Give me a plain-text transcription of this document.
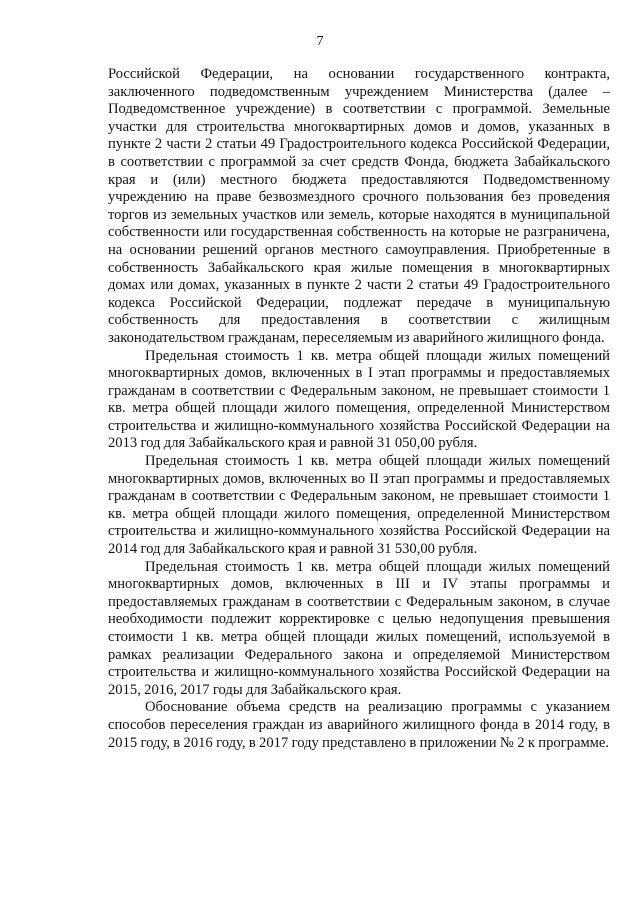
7

Российской Федерации, на основании государственного контракта, заключенного подведомственным учреждением Министерства (далее – Подведомственное учреждение) в соответствии с программой. Земельные участки для строительства многоквартирных домов и домов, указанных в пункте 2 части 2 статьи 49 Градостроительного кодекса Российской Федерации, в соответствии с программой за счет средств Фонда, бюджета Забайкальского края и (или) местного бюджета предоставляются Подведомственному учреждению на праве безвозмездного срочного пользования без проведения торгов из земельных участков или земель, которые находятся в муниципальной собственности или государственная собственность на которые не разграничена, на основании решений органов местного самоуправления. Приобретенные в собственность Забайкальского края жилые помещения в многоквартирных домах или домах, указанных в пункте 2 части 2 статьи 49 Градостроительного кодекса Российской Федерации, подлежат передаче в муниципальную собственность для предоставления в соответствии с жилищным законодательством гражданам, переселяемым из аварийного жилищного фонда.

Предельная стоимость 1 кв. метра общей площади жилых помещений многоквартирных домов, включенных в I этап программы и предоставляемых гражданам в соответствии с Федеральным законом, не превышает стоимости 1 кв. метра общей площади жилого помещения, определенной Министерством строительства и жилищно-коммунального хозяйства Российской Федерации на 2013 год для Забайкальского края и равной 31 050,00 рубля.

Предельная стоимость 1 кв. метра общей площади жилых помещений многоквартирных домов, включенных во II этап программы и предоставляемых гражданам в соответствии с Федеральным законом, не превышает стоимости 1 кв. метра общей площади жилого помещения, определенной Министерством строительства и жилищно-коммунального хозяйства Российской Федерации на 2014 год для Забайкальского края и равной 31 530,00 рубля.

Предельная стоимость 1 кв. метра общей площади жилых помещений многоквартирных домов, включенных в III и IV этапы программы и предоставляемых гражданам в соответствии с Федеральным законом, в случае необходимости подлежит корректировке с целью недопущения превышения стоимости 1 кв. метра общей площади жилых помещений, используемой в рамках реализации Федерального закона и определяемой Министерством строительства и жилищно-коммунального хозяйства Российской Федерации на 2015, 2016, 2017 годы для Забайкальского края.

Обоснование объема средств на реализацию программы с указанием способов переселения граждан из аварийного жилищного фонда в 2014 году, в 2015 году, в 2016 году, в 2017 году представлено в приложении № 2 к программе.
